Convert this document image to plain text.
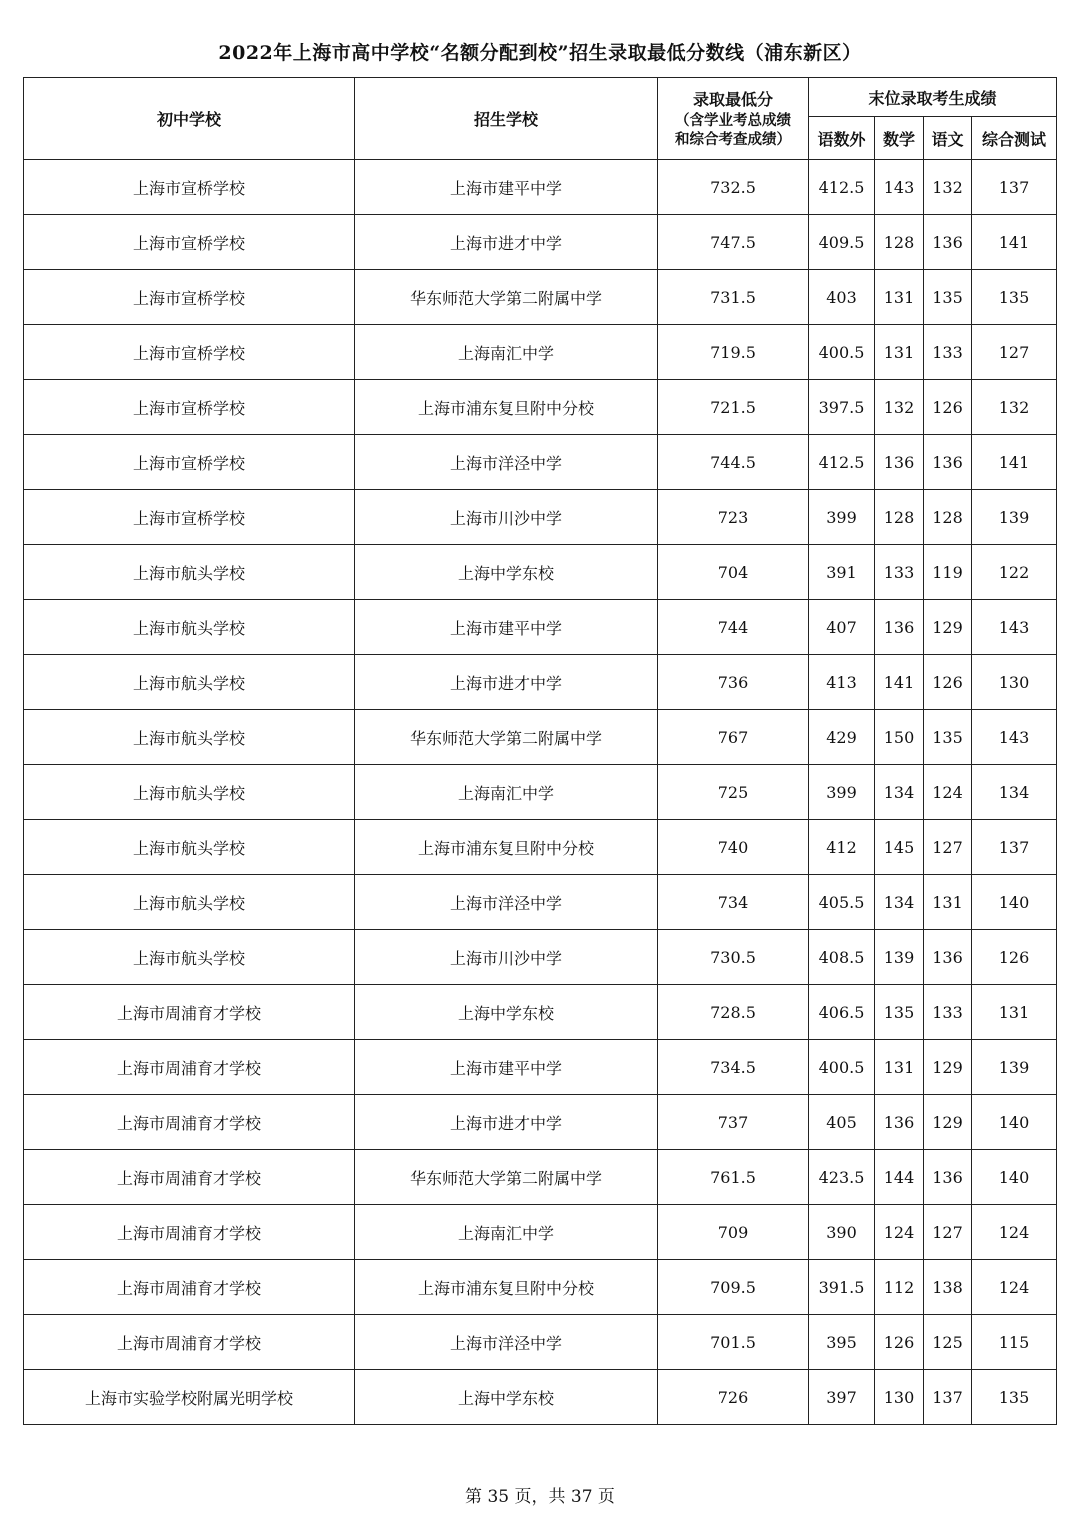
2022年上海市高中学校“名额分配到校”招生录取最低分数线（浦东新区）
初中学校	招生学校	录取最低分
（含学业考总成绩
和综合考查成绩）	末位录取考生成绩			
			语数外	数学	语文	综合测试
上海市宣桥学校	上海市建平中学	732.5	412.5	143	132	137
上海市宣桥学校	上海市进才中学	747.5	409.5	128	136	141
上海市宣桥学校	华东师范大学第二附属中学	731.5	403	131	135	135
上海市宣桥学校	上海南汇中学	719.5	400.5	131	133	127
上海市宣桥学校	上海市浦东复旦附中分校	721.5	397.5	132	126	132
上海市宣桥学校	上海市洋泾中学	744.5	412.5	136	136	141
上海市宣桥学校	上海市川沙中学	723	399	128	128	139
上海市航头学校	上海中学东校	704	391	133	119	122
上海市航头学校	上海市建平中学	744	407	136	129	143
上海市航头学校	上海市进才中学	736	413	141	126	130
上海市航头学校	华东师范大学第二附属中学	767	429	150	135	143
上海市航头学校	上海南汇中学	725	399	134	124	134
上海市航头学校	上海市浦东复旦附中分校	740	412	145	127	137
上海市航头学校	上海市洋泾中学	734	405.5	134	131	140
上海市航头学校	上海市川沙中学	730.5	408.5	139	136	126
上海市周浦育才学校	上海中学东校	728.5	406.5	135	133	131
上海市周浦育才学校	上海市建平中学	734.5	400.5	131	129	139
上海市周浦育才学校	上海市进才中学	737	405	136	129	140
上海市周浦育才学校	华东师范大学第二附属中学	761.5	423.5	144	136	140
上海市周浦育才学校	上海南汇中学	709	390	124	127	124
上海市周浦育才学校	上海市浦东复旦附中分校	709.5	391.5	112	138	124
上海市周浦育才学校	上海市洋泾中学	701.5	395	126	125	115
上海市实验学校附属光明学校	上海中学东校	726	397	130	137	135
第 35 页，共 37 页
